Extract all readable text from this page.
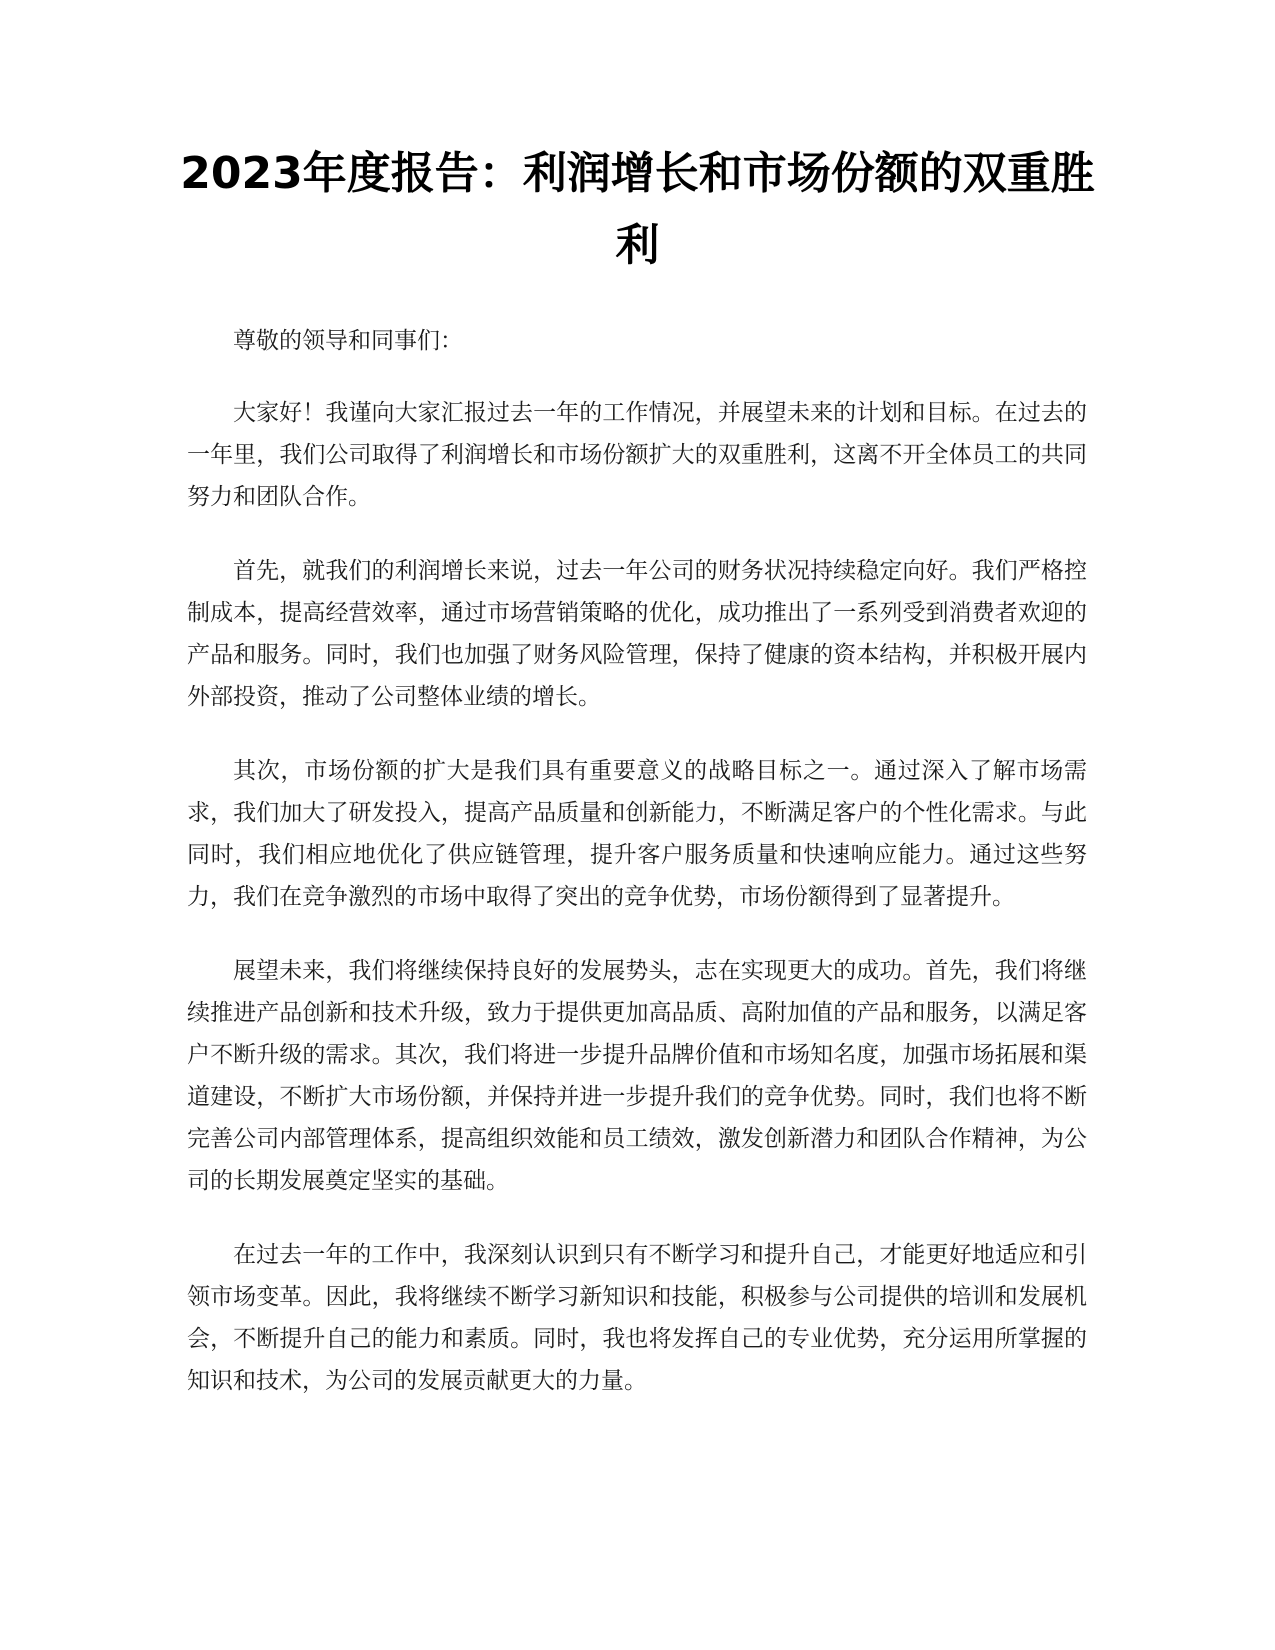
2023年度报告：利润增长和市场份额的双重胜利

尊敬的领导和同事们：

大家好！我谨向大家汇报过去一年的工作情况，并展望未来的计划和目标。在过去的一年里，我们公司取得了利润增长和市场份额扩大的双重胜利，这离不开全体员工的共同努力和团队合作。

首先，就我们的利润增长来说，过去一年公司的财务状况持续稳定向好。我们严格控制成本，提高经营效率，通过市场营销策略的优化，成功推出了一系列受到消费者欢迎的产品和服务。同时，我们也加强了财务风险管理，保持了健康的资本结构，并积极开展内外部投资，推动了公司整体业绩的增长。

其次，市场份额的扩大是我们具有重要意义的战略目标之一。通过深入了解市场需求，我们加大了研发投入，提高产品质量和创新能力，不断满足客户的个性化需求。与此同时，我们相应地优化了供应链管理，提升客户服务质量和快速响应能力。通过这些努力，我们在竞争激烈的市场中取得了突出的竞争优势，市场份额得到了显著提升。

展望未来，我们将继续保持良好的发展势头，志在实现更大的成功。首先，我们将继续推进产品创新和技术升级，致力于提供更加高品质、高附加值的产品和服务，以满足客户不断升级的需求。其次，我们将进一步提升品牌价值和市场知名度，加强市场拓展和渠道建设，不断扩大市场份额，并保持并进一步提升我们的竞争优势。同时，我们也将不断完善公司内部管理体系，提高组织效能和员工绩效，激发创新潜力和团队合作精神，为公司的长期发展奠定坚实的基础。

在过去一年的工作中，我深刻认识到只有不断学习和提升自己，才能更好地适应和引领市场变革。因此，我将继续不断学习新知识和技能，积极参与公司提供的培训和发展机会，不断提升自己的能力和素质。同时，我也将发挥自己的专业优势，充分运用所掌握的知识和技术，为公司的发展贡献更大的力量。
